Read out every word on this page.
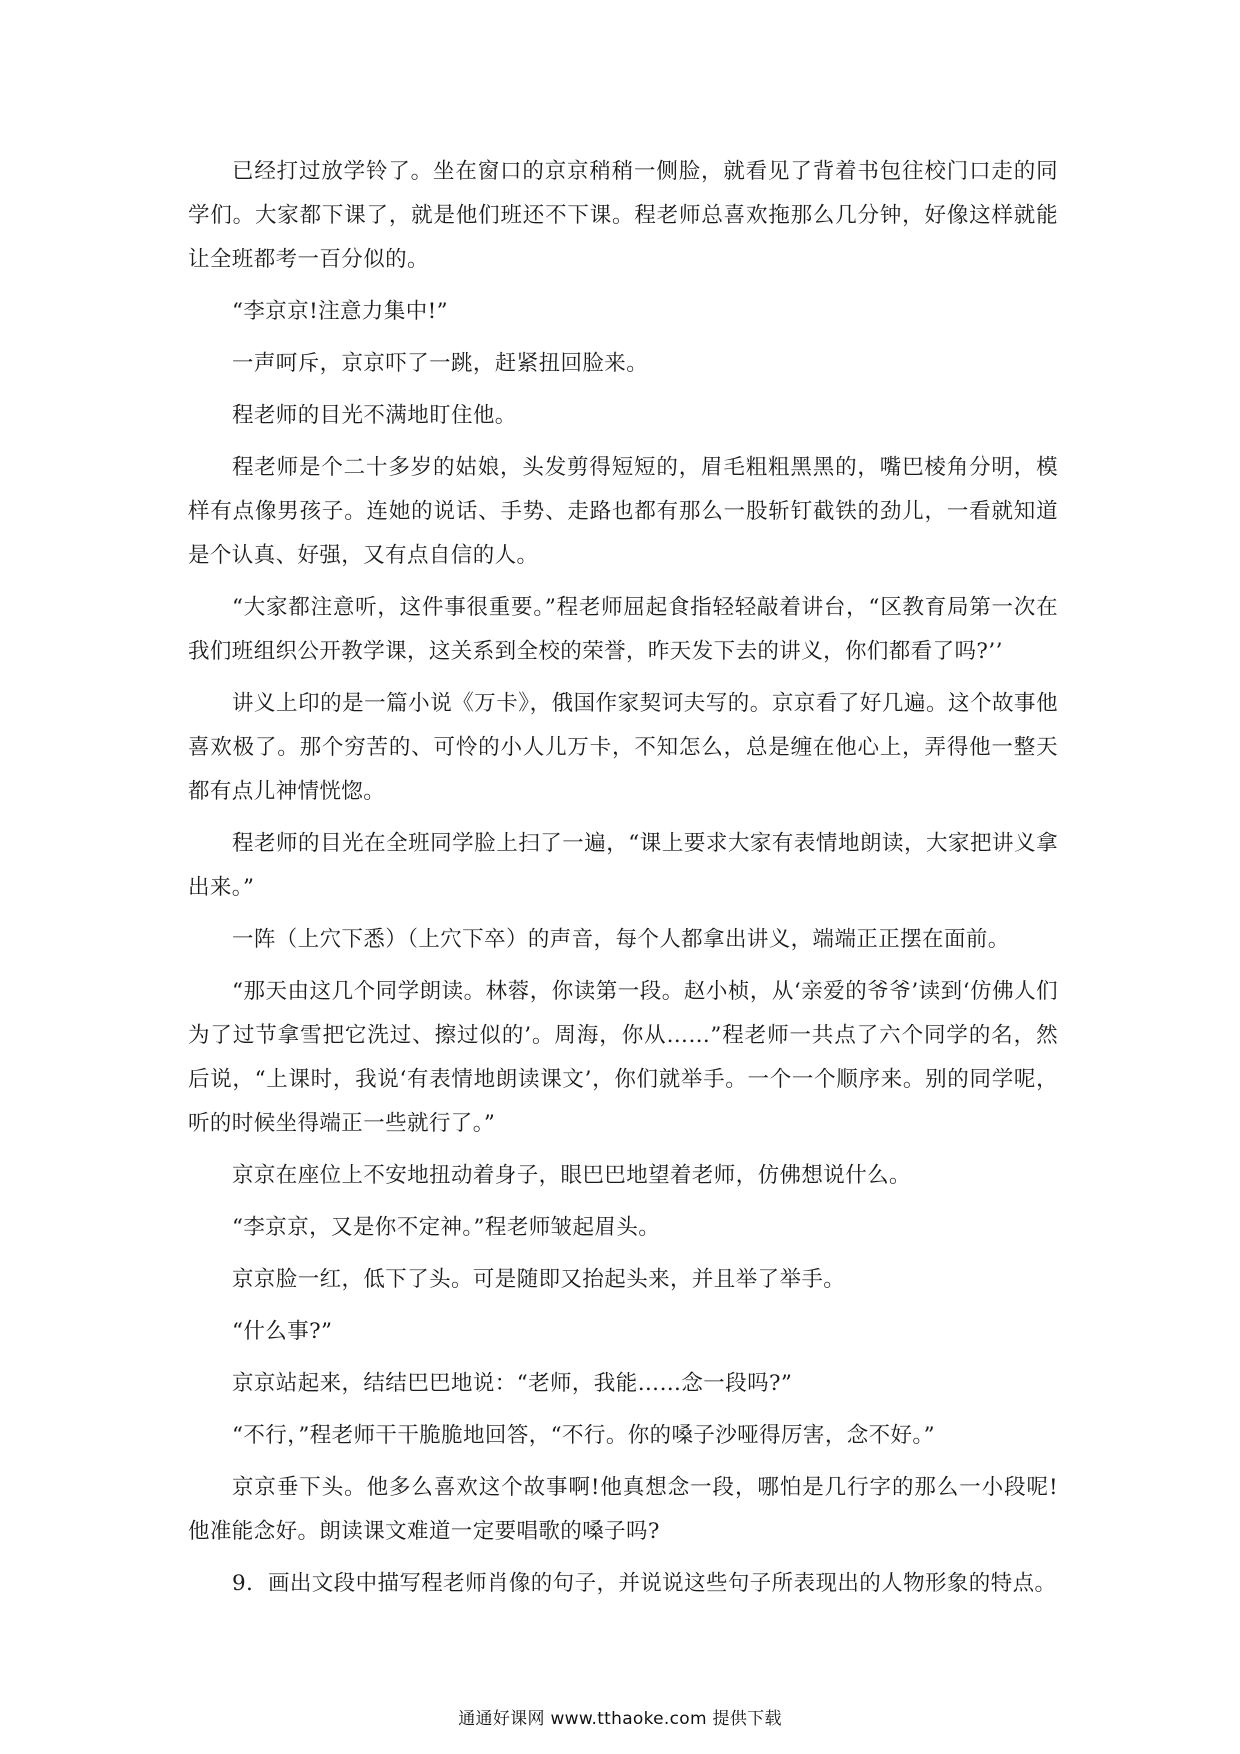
已经打过放学铃了。坐在窗口的京京稍稍一侧脸，就看见了背着书包往校门口走的同学们。大家都下课了，就是他们班还不下课。程老师总喜欢拖那么几分钟，好像这样就能让全班都考一百分似的。

“李京京!注意力集中!”

一声呵斥，京京吓了一跳，赶紧扭回脸来。

程老师的目光不满地盯住他。

程老师是个二十多岁的姑娘，头发剪得短短的，眉毛粗粗黑黑的，嘴巴棱角分明，模样有点像男孩子。连她的说话、手势、走路也都有那么一股斩钉截铁的劲儿，一看就知道是个认真、好强，又有点自信的人。

“大家都注意听，这件事很重要。”程老师屈起食指轻轻敲着讲台，“区教育局第一次在我们班组织公开教学课，这关系到全校的荣誉，昨天发下去的讲义，你们都看了吗?’’

讲义上印的是一篇小说《万卡》，俄国作家契诃夫写的。京京看了好几遍。这个故事他喜欢极了。那个穷苦的、可怜的小人儿万卡，不知怎么，总是缠在他心上，弄得他一整天都有点儿神情恍惚。

程老师的目光在全班同学脸上扫了一遍，“课上要求大家有表情地朗读，大家把讲义拿出来。”

一阵（上穴下悉）（上穴下卒）的声音，每个人都拿出讲义，端端正正摆在面前。

“那天由这几个同学朗读。林蓉，你读第一段。赵小桢，从‘亲爱的爷爷’读到‘仿佛人们为了过节拿雪把它洗过、擦过似的’。周海，你从……”程老师一共点了六个同学的名，然后说，“上课时，我说‘有表情地朗读课文’，你们就举手。一个一个顺序来。别的同学呢，听的时候坐得端正一些就行了。”

京京在座位上不安地扭动着身子，眼巴巴地望着老师，仿佛想说什么。

“李京京，又是你不定神。”程老师皱起眉头。

京京脸一红，低下了头。可是随即又抬起头来，并且举了举手。

“什么事?”

京京站起来，结结巴巴地说：“老师，我能……念一段吗?”

“不行，”程老师干干脆脆地回答，“不行。你的嗓子沙哑得厉害，念不好。”

京京垂下头。他多么喜欢这个故事啊!他真想念一段，哪怕是几行字的那么一小段呢!他准能念好。朗读课文难道一定要唱歌的嗓子吗?

9．画出文段中描写程老师肖像的句子，并说说这些句子所表现出的人物形象的特点。

通通好课网 www.tthaoke.com 提供下载
